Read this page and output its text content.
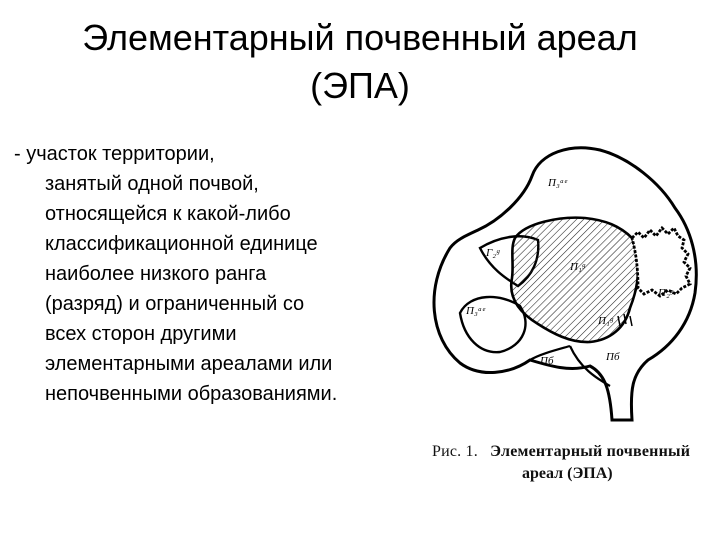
Элементарный почвенный ареал
(ЭПА)
- участок территории,
занятый одной почвой,
относящейся к какой-либо
классификационной единице
наиболее низкого ранга
(разряд) и ограниченный со
всех сторон другими
элементарными ареалами или
непочвенными образованиями.
П₃ᵃᵉ
Г₂ᵍ
П₁ᵍ
П₂ᵍ
П₃ᵃᵉ
П₁ᵍ
Пб	Пб
Рис. 1. Элементарный почвенный
ареал (ЭПА)
